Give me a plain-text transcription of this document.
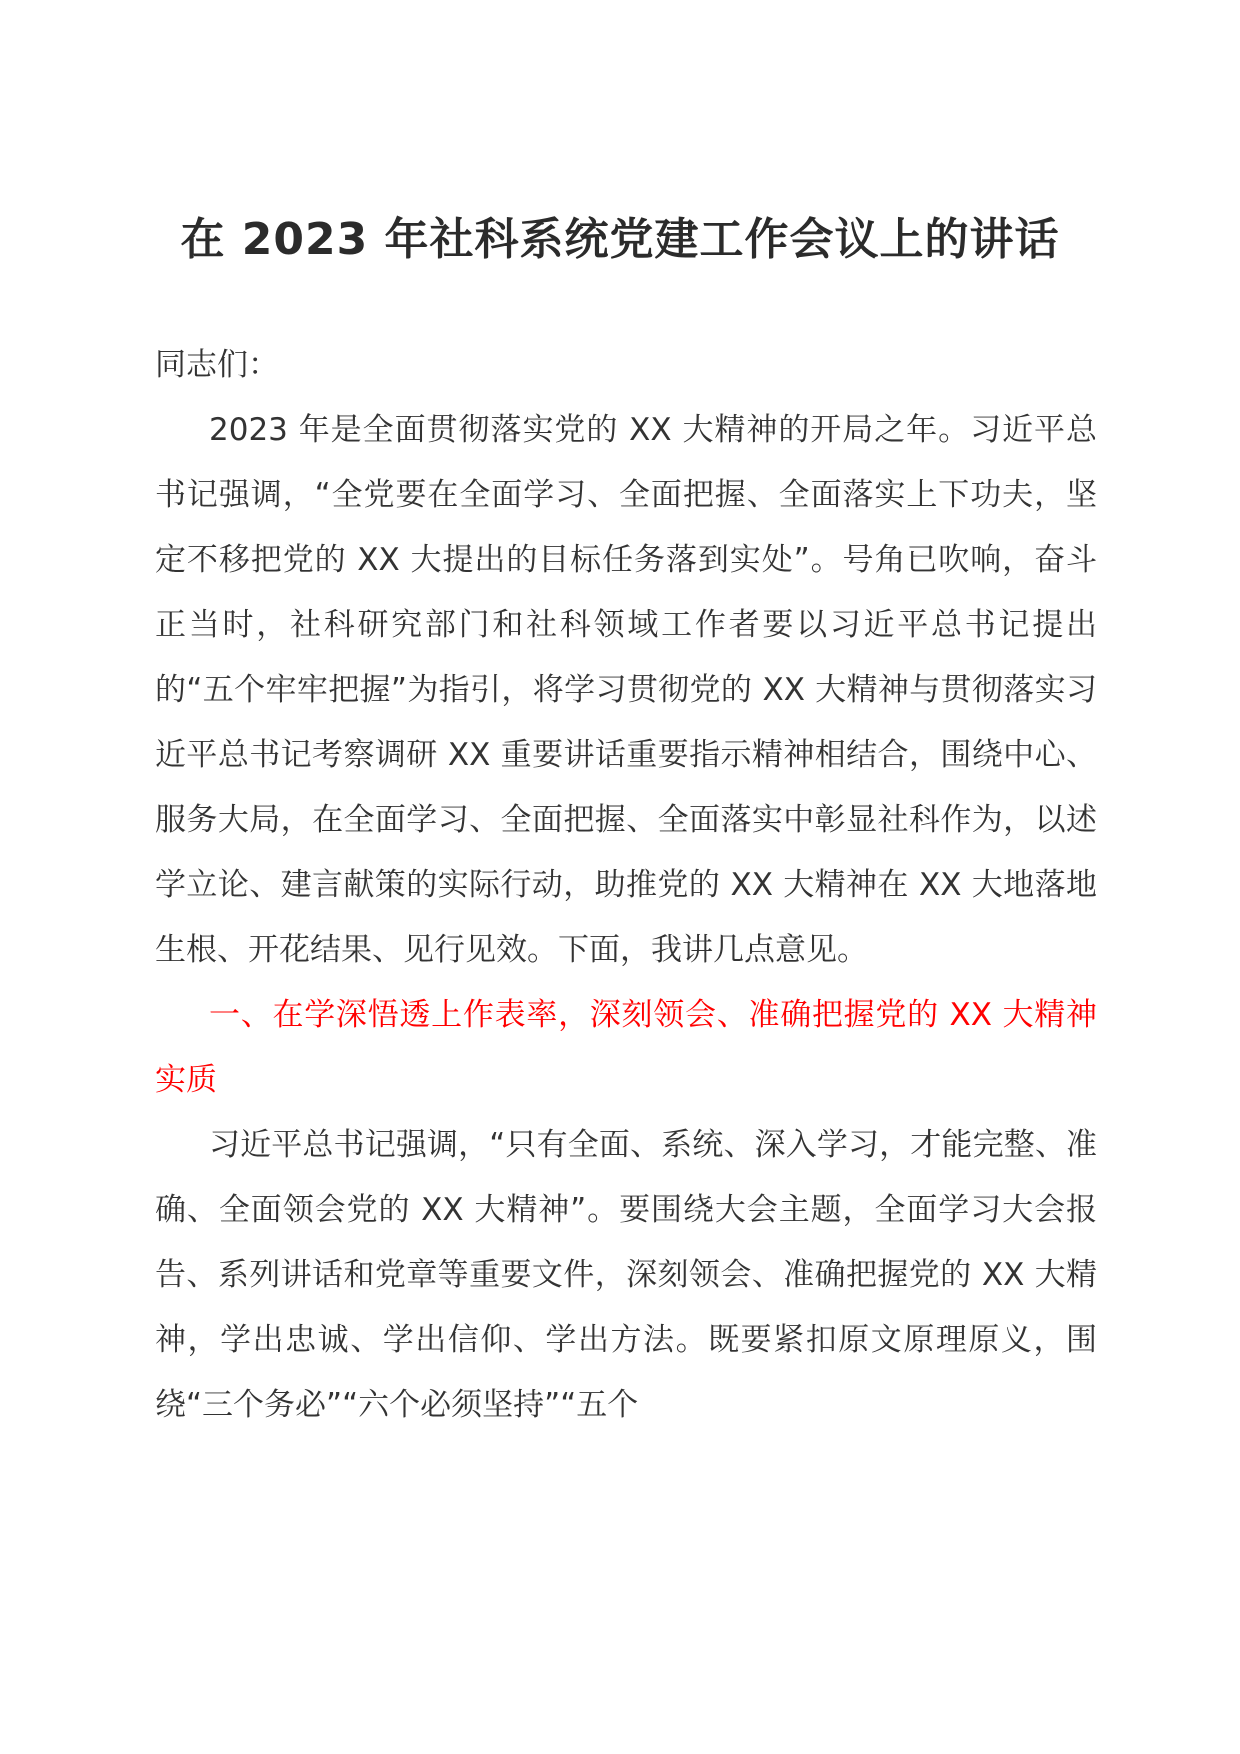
在 2023 年社科系统党建工作会议上的讲话

同志们：

2023 年是全面贯彻落实党的 XX 大精神的开局之年。习近平总书记强调，“全党要在全面学习、全面把握、全面落实上下功夫，坚定不移把党的 XX 大提出的目标任务落到实处”。号角已吹响，奋斗正当时，社科研究部门和社科领域工作者要以习近平总书记提出的“五个牢牢把握”为指引，将学习贯彻党的 XX 大精神与贯彻落实习近平总书记考察调研 XX 重要讲话重要指示精神相结合，围绕中心、服务大局，在全面学习、全面把握、全面落实中彰显社科作为，以述学立论、建言献策的实际行动，助推党的 XX 大精神在 XX 大地落地生根、开花结果、见行见效。下面，我讲几点意见。

一、在学深悟透上作表率，深刻领会、准确把握党的 XX 大精神实质

习近平总书记强调，“只有全面、系统、深入学习，才能完整、准确、全面领会党的 XX 大精神”。要围绕大会主题，全面学习大会报告、系列讲话和党章等重要文件，深刻领会、准确把握党的 XX 大精神，学出忠诚、学出信仰、学出方法。既要紧扣原文原理原义，围绕“三个务必”“六个必须坚持”“五个
